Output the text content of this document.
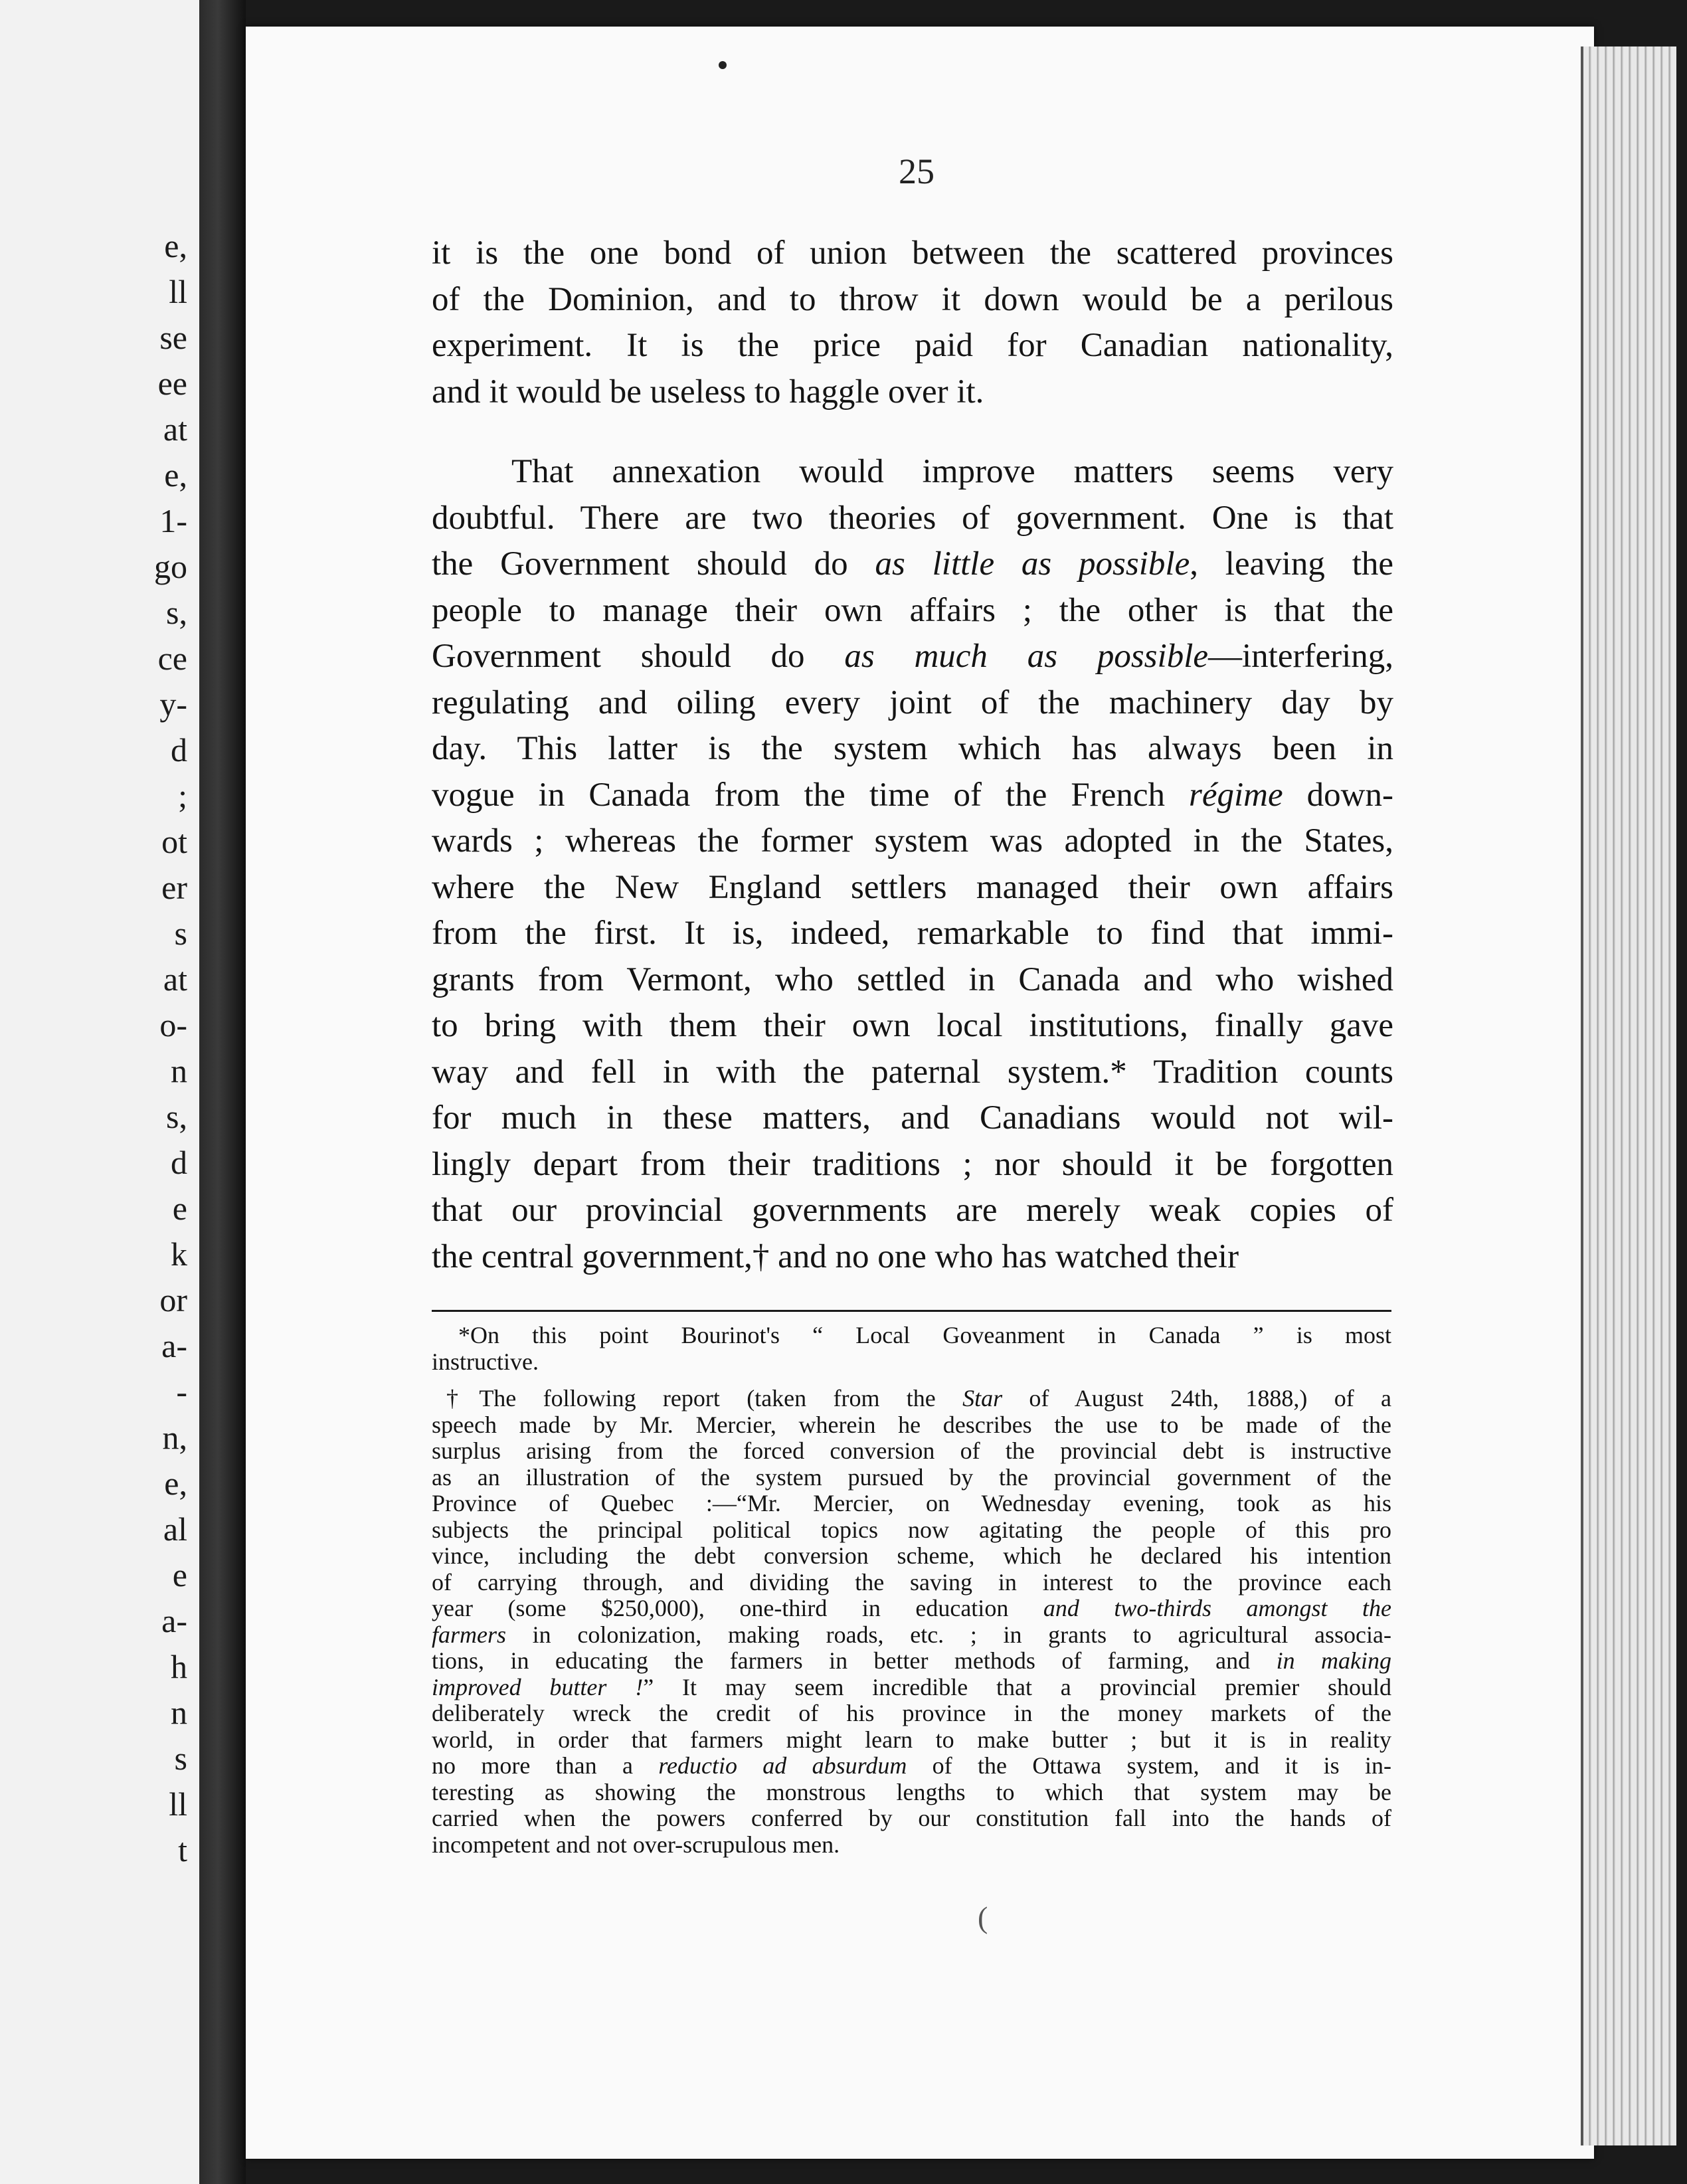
e,
ll
se
ee
at
e,
1-
go
s,
ce
y-
d
;
ot
er
s
at
o-
n
s,
d
e
k
or
a-
-
n,
e,
al
e
a-
h
n
s
ll
t
25
it is the one bond of union between the scattered provinces
of the Dominion, and to throw it down would be a perilous
experiment. It is the price paid for Canadian nationality,
and it would be useless to haggle over it.
That annexation would improve matters seems very
doubtful. There are two theories of government. One is that
the Government should do as little as possible, leaving the
people to manage their own affairs ; the other is that the
Government should do as much as possible—interfering,
regulating and oiling every joint of the machinery day by
day. This latter is the system which has always been in
vogue in Canada from the time of the French régime down-
wards ; whereas the former system was adopted in the States,
where the New England settlers managed their own affairs
from the first. It is, indeed, remarkable to find that immi-
grants from Vermont, who settled in Canada and who wished
to bring with them their own local institutions, finally gave
way and fell in with the paternal system.* Tradition counts
for much in these matters, and Canadians would not wil-
lingly depart from their traditions ; nor should it be forgotten
that our provincial governments are merely weak copies of
the central government,† and no one who has watched their
*On this point Bourinot's “ Local Goveanment in Canada ” is most
instructive.
†The following report (taken from the Star of August 24th, 1888,) of a
speech made by Mr. Mercier, wherein he describes the use to be made of the
surplus arising from the forced conversion of the provincial debt is instructive
as an illustration of the system pursued by the provincial government of the
Province of Quebec :—“Mr. Mercier, on Wednesday evening, took as his
subjects the principal political topics now agitating the people of this pro
vince, including the debt conversion scheme, which he declared his intention
of carrying through, and dividing the saving in interest to the province each
year (some $250,000), one-third in education and two-thirds amongst the
farmers in colonization, making roads, etc. ; in grants to agricultural associa-
tions, in educating the farmers in better methods of farming, and in making
improved butter !” It may seem incredible that a provincial premier should
deliberately wreck the credit of his province in the money markets of the
world, in order that farmers might learn to make butter ; but it is in reality
no more than a reductio ad absurdum of the Ottawa system, and it is in-
teresting as showing the monstrous lengths to which that system may be
carried when the powers conferred by our constitution fall into the hands of
incompetent and not over-scrupulous men.
(
